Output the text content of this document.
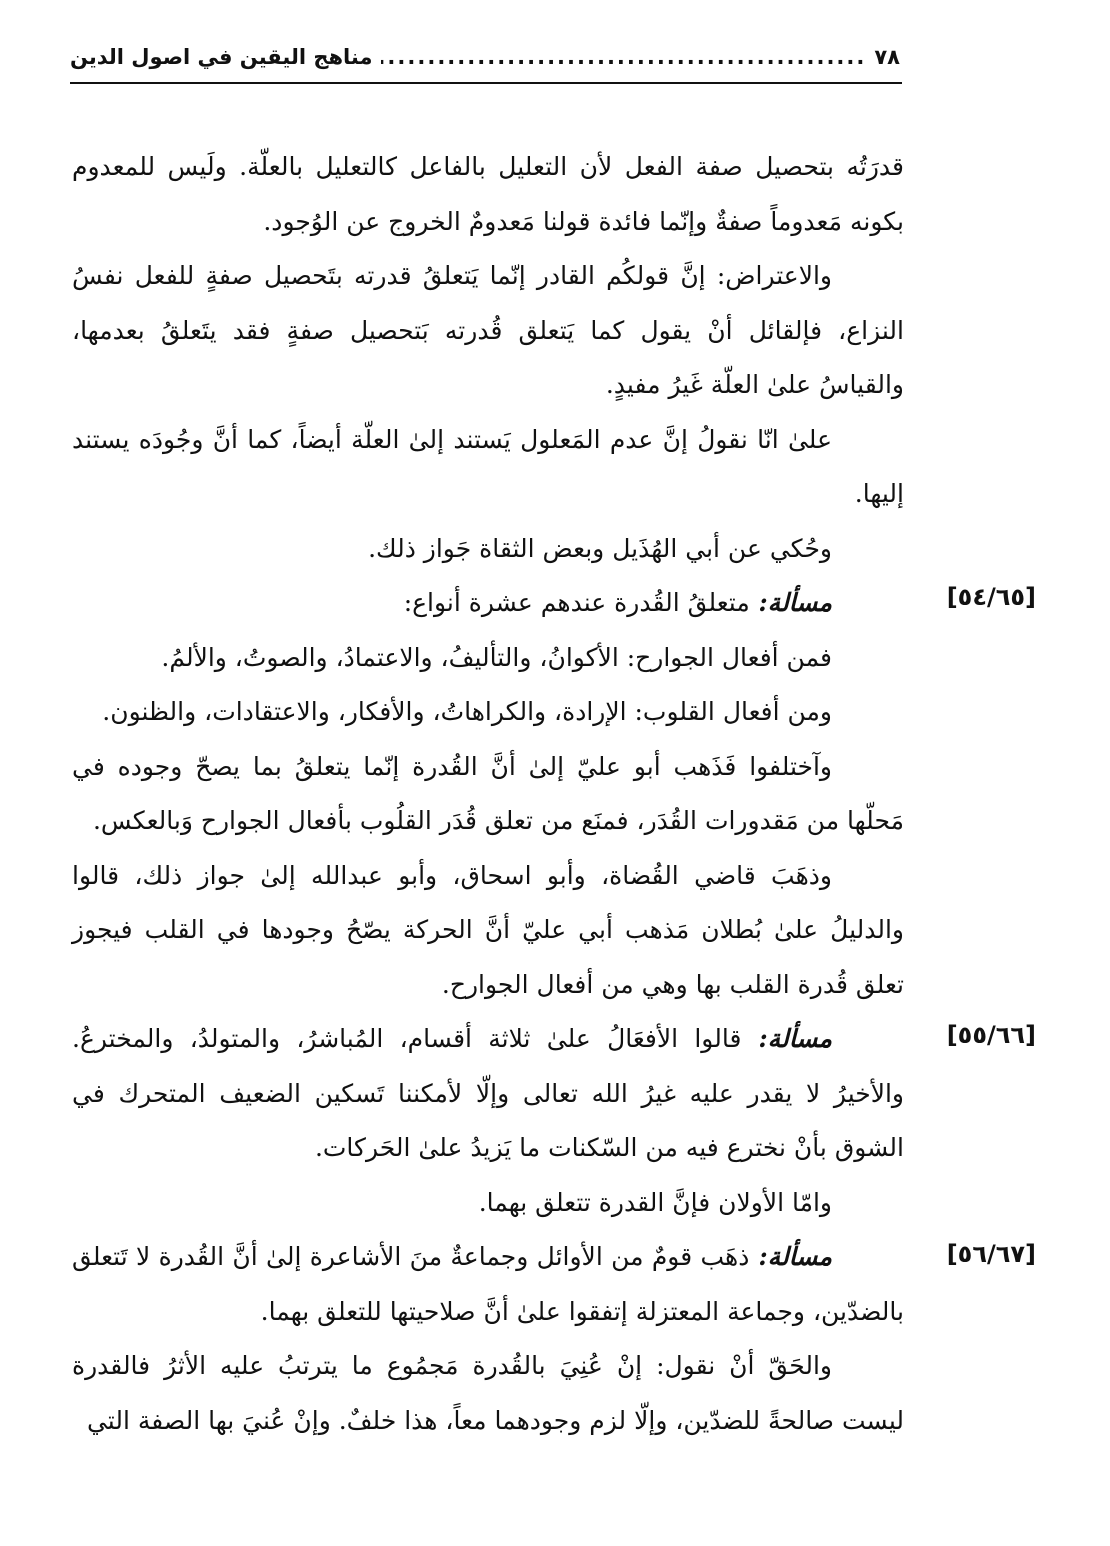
٧٨
.....
مناهج اليقين في اصول الدين

قدرَتُه بتحصيل صفة الفعل لأن التعليل بالفاعل كالتعليل بالعلّة. ولَيس للمعدوم بكونه مَعدوماً صفةٌ وإنّما فائدة قولنا مَعدومٌ الخروج عن الوُجود.

والاعتراض: إنَّ قولكُم القادر إنّما يَتعلقُ قدرته بتَحصيل صفةٍ للفعل نفسُ النزاع، فإلقائل أنْ يقول كما يَتعلق قُدرته بَتحصيل صفةٍ فقد يتَعلقُ بعدمها، والقياسُ علىٰ العلّة غَيرُ مفيدٍ.

علىٰ انّا نقولُ إنَّ عدم المَعلول يَستند إلىٰ العلّة أيضاً، كما أنَّ وجُودَه يستند إليها.

وحُكي عن أبي الهُذَيل وبعض الثقاة جَواز ذلك.

مسألة: متعلقُ القُدرة عندهم عشرة أنواع:

فمن أفعال الجوارح: الأكوانُ، والتأليفُ، والاعتمادُ، والصوتُ، والألمُ.

ومن أفعال القلوب: الإرادة، والكراهاتُ، والأفكار، والاعتقادات، والظنون.

وآختلفوا فَذَهب أبو عليّ إلىٰ أنَّ القُدرة إنّما يتعلقُ بما يصحّ وجوده في مَحلّها من مَقدورات القُدَر، فمنَع من تعلق قُدَر القلُوب بأفعال الجوارح وَبالعكس.

وذهَبَ قاضي القُضاة، وأبو اسحاق، وأبو عبدالله إلىٰ جواز ذلك، قالوا والدليلُ علىٰ بُطلان مَذهب أبي عليّ أنَّ الحركة يصّحُ وجودها في القلب فيجوز تعلق قُدرة القلب بها وهي من أفعال الجوارح.

مسألة: قالوا الأفعَالُ علىٰ ثلاثة أقسام، المُباشرُ، والمتولدُ، والمخترعُ. والأخيرُ لا يقدر عليه غيرُ الله تعالى وإلّا لأمكننا تَسكين الضعيف المتحرك في الشوق بأنْ نخترع فيه من السّكنات ما يَزيدُ علىٰ الحَركات.

وامّا الأولان فإنَّ القدرة تتعلق بهما.

مسألة: ذهَب قومٌ من الأوائل وجماعةٌ منَ الأشاعرة إلىٰ أنَّ القُدرة لا تَتعلق بالضدّين، وجماعة المعتزلة إتفقوا علىٰ أنَّ صلاحيتها للتعلق بهما.

والحَقّ أنْ نقول: إنْ عُنِيَ بالقُدرة مَجمُوع ما يترتبُ عليه الأثرُ فالقدرة ليست صالحةً للضدّين، وإلّا لزم وجودهما معاً، هذا خلفٌ. وإنْ عُنيَ بها الصفة التي

[٥٤/٦٥]
[٥٥/٦٦]
[٥٦/٦٧]
